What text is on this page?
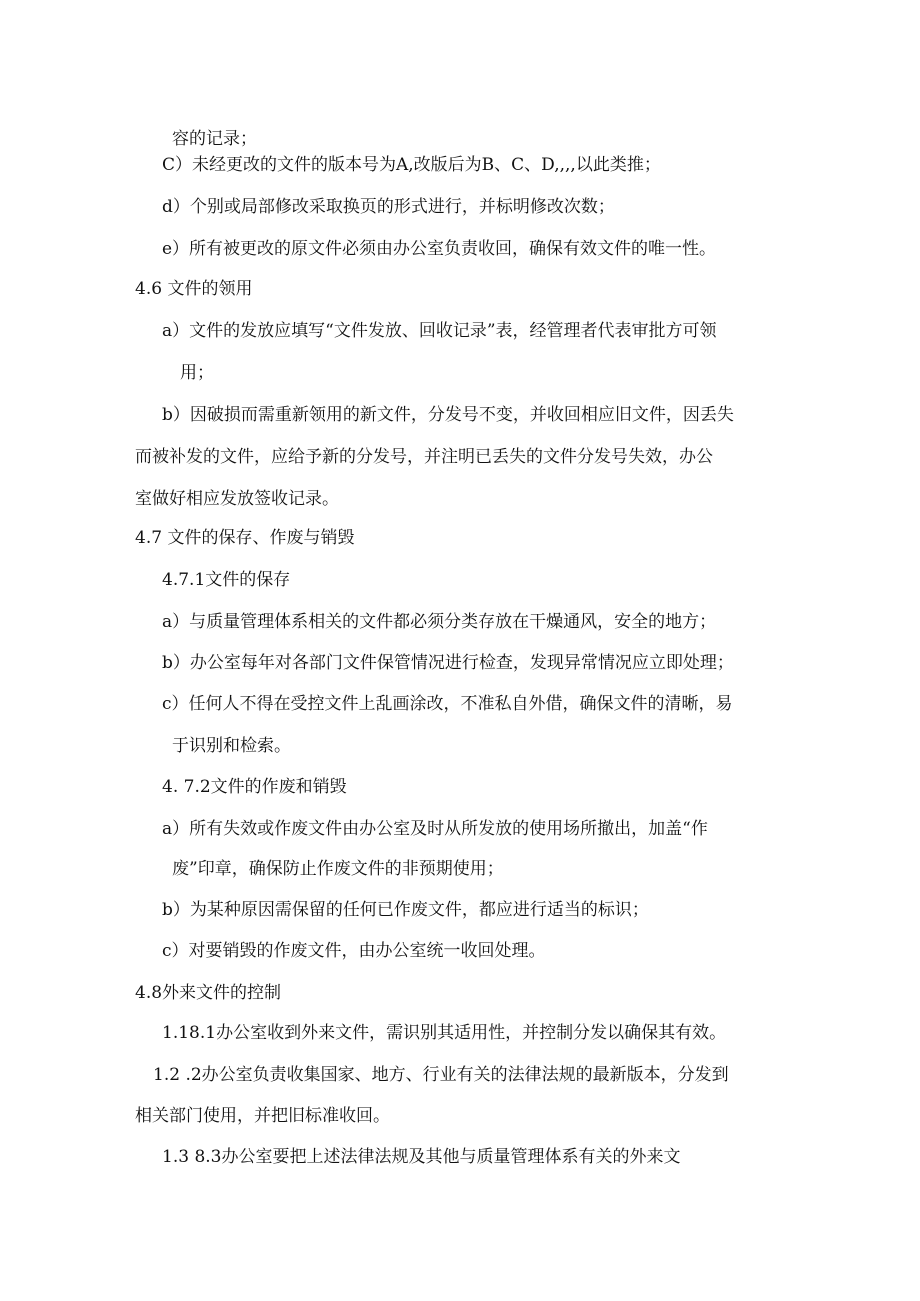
容的记录；
C）未经更改的文件的版本号为A,改版后为B、C、D,,,,以此类推；
d）个别或局部修改采取换页的形式进行，并标明修改次数；
e）所有被更改的原文件必须由办公室负责收回，确保有效文件的唯一性。
4.6 文件的领用
a）文件的发放应填写“文件发放、回收记录”表，经管理者代表审批方可领
用；
b）因破损而需重新领用的新文件，分发号不变，并收回相应旧文件，因丢失
而被补发的文件，应给予新的分发号，并注明已丢失的文件分发号失效，办公
室做好相应发放签收记录。
4.7 文件的保存、作废与销毁
4.7.1文件的保存
a）与质量管理体系相关的文件都必须分类存放在干燥通风，安全的地方；
b）办公室每年对各部门文件保管情况进行检查，发现异常情况应立即处理；
c）任何人不得在受控文件上乱画涂改，不准私自外借，确保文件的清晰，易
于识别和检索。
4. 7.2文件的作废和销毁
a）所有失效或作废文件由办公室及时从所发放的使用场所撤出，加盖“作
废”印章，确保防止作废文件的非预期使用；
b）为某种原因需保留的任何已作废文件，都应进行适当的标识；
c）对要销毁的作废文件，由办公室统一收回处理。
4.8外来文件的控制
1.18.1办公室收到外来文件，需识别其适用性，并控制分发以确保其有效。
1.2 .2办公室负责收集国家、地方、行业有关的法律法规的最新版本，分发到
相关部门使用，并把旧标准收回。
1.3 8.3办公室要把上述法律法规及其他与质量管理体系有关的外来文
